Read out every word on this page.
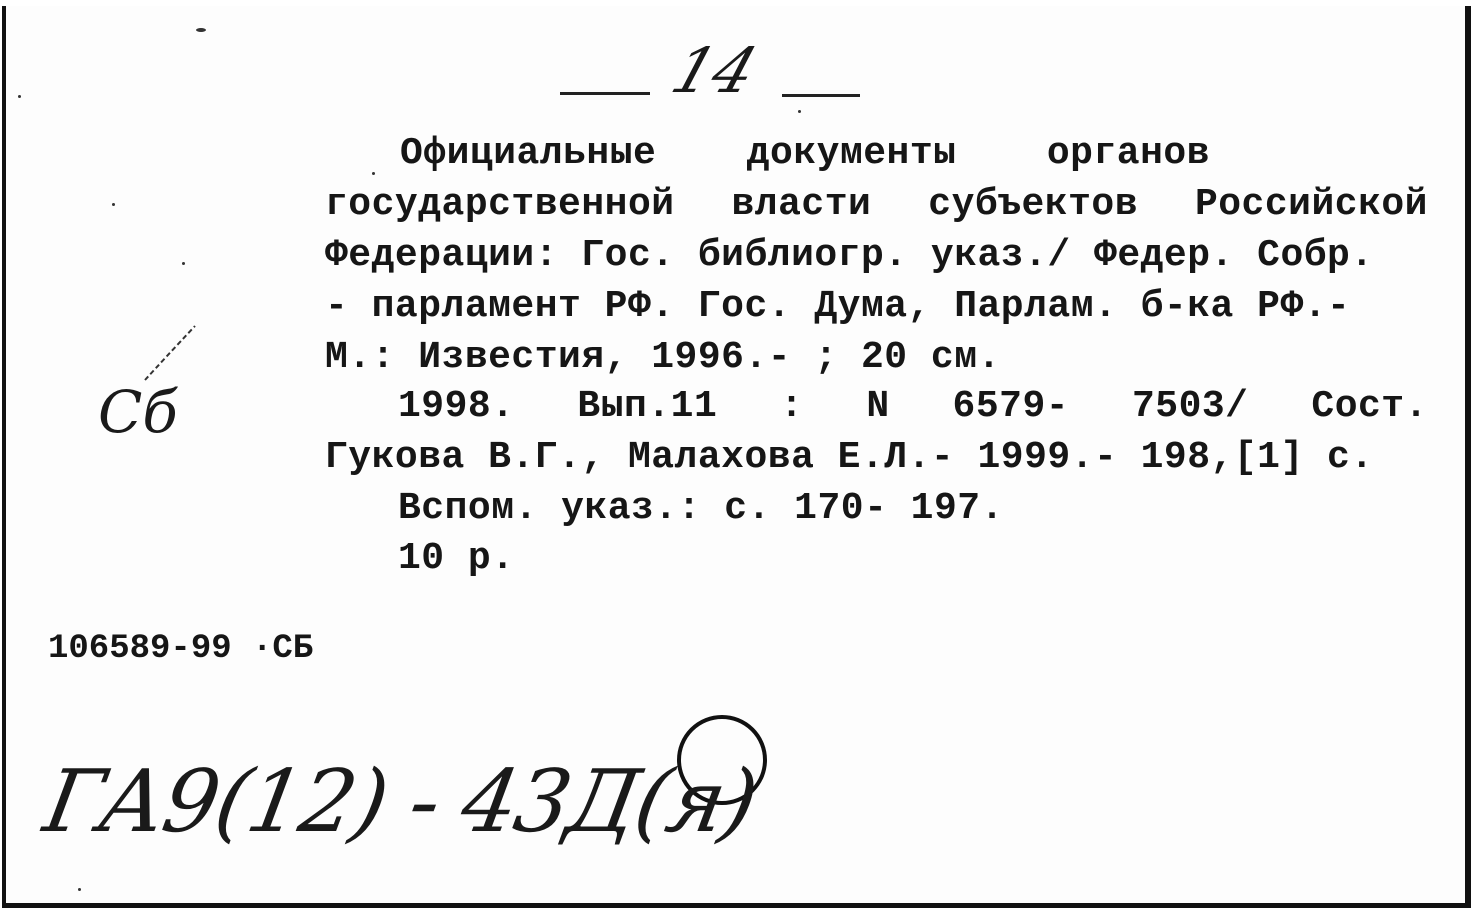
14
Официальные документы органов
государственной власти субъектов Российской
Федерации: Гос. библиогр. указ./ Федер. Собр.
- парламент РФ. Гос. Дума, Парлам. б-ка РФ.-
М.: Известия, 1996.- ; 20 см.
1998. Вып.11 : N 6579- 7503/ Сост.
Гукова В.Г., Малахова Е.Л.- 1999.- 198,[1] с.
Вспом. указ.: с. 170- 197.
10 р.
106589-99 ·СБ
Сб
ГА9(12) - 43Д(я)
